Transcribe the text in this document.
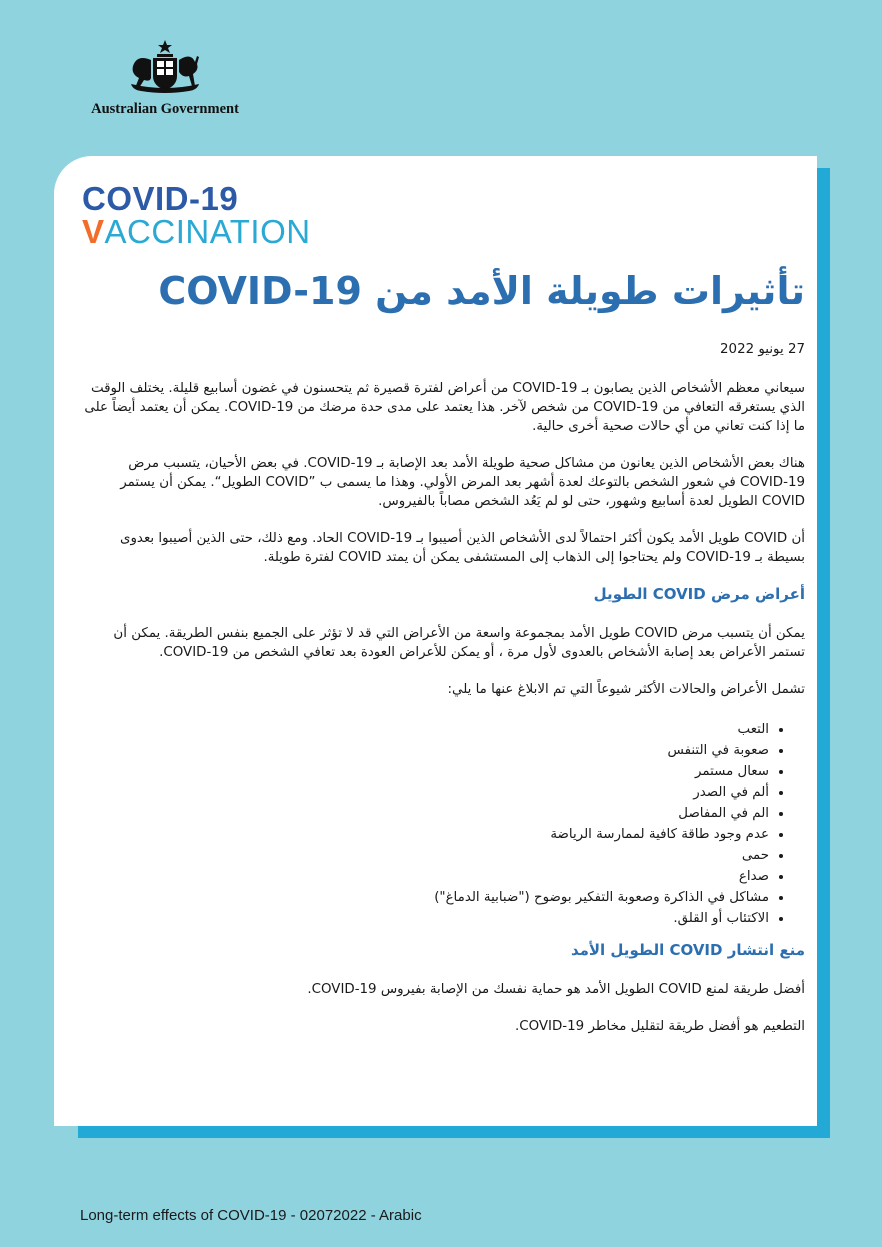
Australian Government
COVID-19
VACCINATION
تأثيرات طويلة الأمد من COVID-19

27 يونيو 2022

سيعاني معظم الأشخاص الذين يصابون بـ COVID-19 من أعراض لفترة قصيرة ثم يتحسنون في غضون أسابيع قليلة. يختلف الوقت الذي يستغرقه التعافي من COVID-19 من شخص لآخر. هذا يعتمد على مدى حدة مرضك من COVID-19. يمكن أن يعتمد أيضاً على ما إذا كنت تعاني من أي حالات صحية أخرى حالية.

هناك بعض الأشخاص الذين يعانون من مشاكل صحية طويلة الأمد بعد الإصابة بـ COVID-19. في بعض الأحيان، يتسبب مرض COVID-19 في شعور الشخص بالتوعك لعدة أشهر بعد المرض الأولي. وهذا ما يسمى ب ”COVID الطويل“. يمكن أن يستمر COVID الطويل لعدة أسابيع وشهور، حتى لو لم يَعُد الشخص مصاباً بالفيروس.

أن COVID طويل الأمد يكون أكثر احتمالاً لدى الأشخاص الذين أصيبوا بـ COVID-19 الحاد. ومع ذلك، حتى الذين أصيبوا بعدوى بسيطة بـ COVID-19 ولم يحتاجوا إلى الذهاب إلى المستشفى يمكن أن يمتد COVID لفترة طويلة.

أعراض مرض COVID الطويل

يمكن أن يتسبب مرض COVID طويل الأمد بمجموعة واسعة من الأعراض التي قد لا تؤثر على الجميع بنفس الطريقة. يمكن أن تستمر الأعراض بعد إصابة الأشخاص بالعدوى لأول مرة ، أو يمكن للأعراض العودة بعد تعافي الشخص من COVID-19.

تشمل الأعراض والحالات الأكثر شيوعاً التي تم الابلاغ عنها ما يلي:

• التعب
• صعوبة في التنفس
• سعال مستمر
• ألم في الصدر
• الم في المفاصل
• عدم وجود طاقة كافية لممارسة الرياضة
• حمى
• صداع
• مشاكل في الذاكرة وصعوبة التفكير بوضوح ("ضبابية الدماغ")
• الاكتئاب أو القلق.
منع انتشار COVID الطويل الأمد

أفضل طريقة لمنع COVID الطويل الأمد هو حماية نفسك من الإصابة بفيروس COVID-19.

التطعيم هو أفضل طريقة لتقليل مخاطر COVID-19.

Long-term effects of COVID-19 - 02072022 - Arabic
